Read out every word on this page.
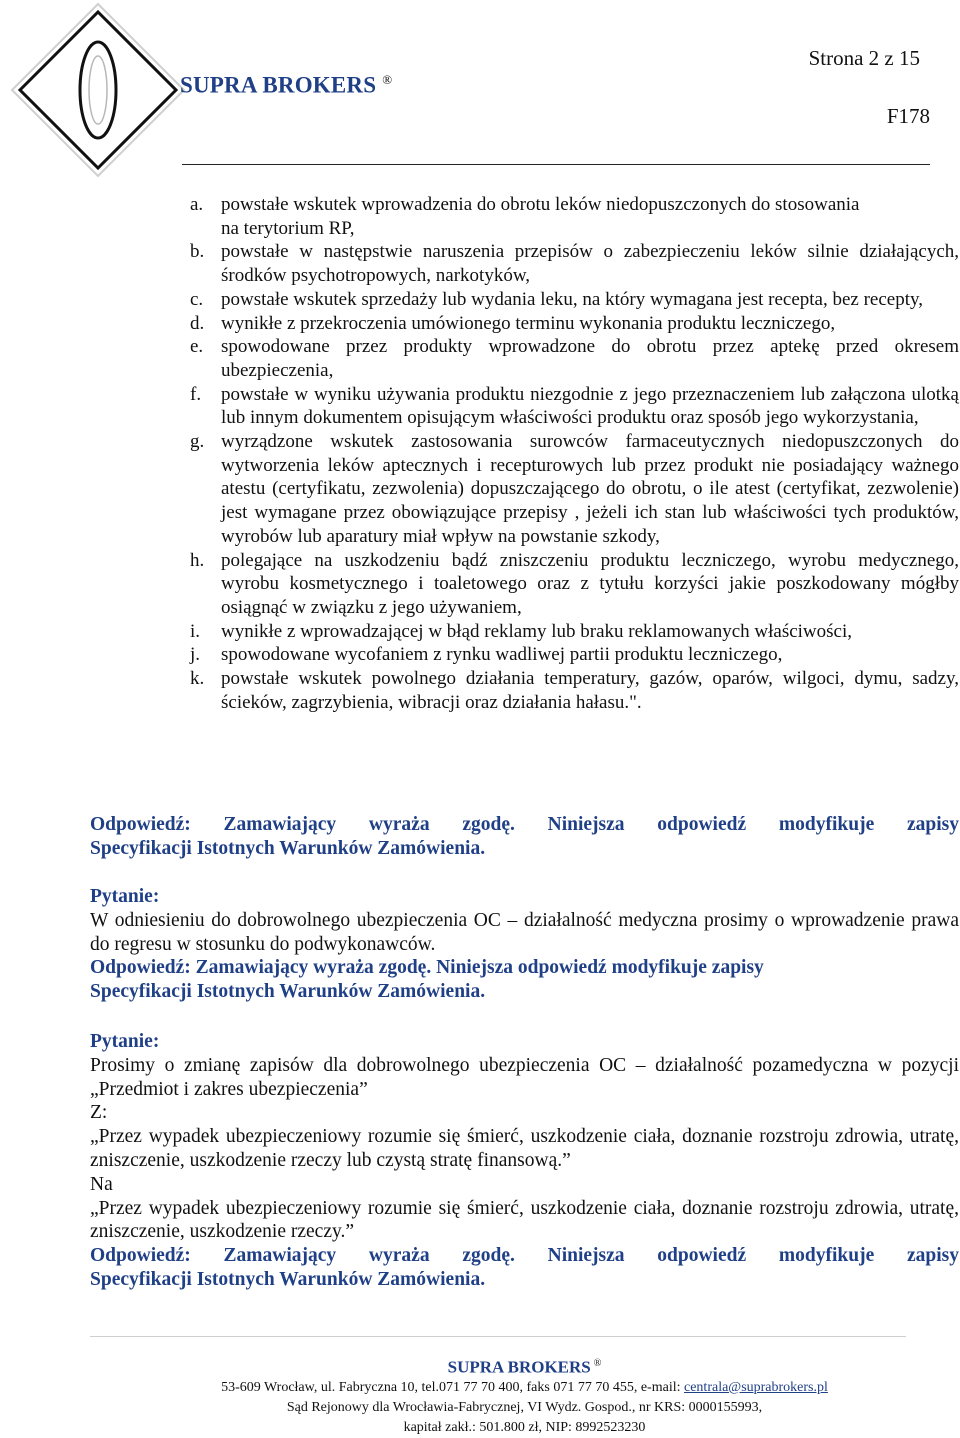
SUPRA BROKERS ®
Strona 2 z 15
F178
a. powstałe wskutek wprowadzenia do obrotu leków niedopuszczonych do stosowania
na terytorium RP,
b. powstałe w następstwie naruszenia przepisów o zabezpieczeniu leków silnie działających, środków psychotropowych, narkotyków,
c. powstałe wskutek sprzedaży lub wydania leku, na który wymagana jest recepta, bez recepty,
d. wynikłe z przekroczenia umówionego terminu wykonania produktu leczniczego,
e. spowodowane przez produkty wprowadzone do obrotu przez aptekę przed okresem ubezpieczenia,
f. powstałe w wyniku używania produktu niezgodnie z jego przeznaczeniem lub załączona ulotką lub innym dokumentem opisującym właściwości produktu oraz sposób jego wykorzystania,
g. wyrządzone wskutek zastosowania surowców farmaceutycznych niedopuszczonych do wytworzenia leków aptecznych i recepturowych lub przez produkt nie posiadający ważnego atestu (certyfikatu, zezwolenia) dopuszczającego do obrotu, o ile atest (certyfikat, zezwolenie) jest wymagane przez obowiązujące przepisy , jeżeli ich stan lub właściwości tych produktów, wyrobów lub aparatury miał wpływ na powstanie szkody,
h. polegające na uszkodzeniu bądź zniszczeniu produktu leczniczego, wyrobu medycznego, wyrobu kosmetycznego i toaletowego oraz z tytułu korzyści jakie poszkodowany mógłby osiągnąć w związku z jego używaniem,
i. wynikłe z wprowadzającej w błąd reklamy lub braku reklamowanych właściwości,
j. spowodowane wycofaniem z rynku wadliwej partii produktu leczniczego,
k. powstałe wskutek powolnego działania temperatury, gazów, oparów, wilgoci, dymu, sadzy, ścieków, zagrzybienia, wibracji oraz działania hałasu.".
Odpowiedź: Zamawiający wyraża zgodę. Niniejsza odpowiedź modyfikuje zapisy
Specyfikacji Istotnych Warunków Zamówienia.
Pytanie:
W odniesieniu do dobrowolnego ubezpieczenia OC – działalność medyczna prosimy o wprowadzenie prawa do regresu w stosunku do podwykonawców.
Odpowiedź: Zamawiający wyraża zgodę. Niniejsza odpowiedź modyfikuje zapisy
Specyfikacji Istotnych Warunków Zamówienia.
Pytanie:
Prosimy o zmianę zapisów dla dobrowolnego ubezpieczenia OC – działalność pozamedyczna w pozycji „Przedmiot i zakres ubezpieczenia”
Z:
„Przez wypadek ubezpieczeniowy rozumie się śmierć, uszkodzenie ciała, doznanie rozstroju zdrowia, utratę, zniszczenie, uszkodzenie rzeczy lub czystą stratę finansową.”
Na
„Przez wypadek ubezpieczeniowy rozumie się śmierć, uszkodzenie ciała, doznanie rozstroju zdrowia, utratę, zniszczenie, uszkodzenie rzeczy.”
Odpowiedź: Zamawiający wyraża zgodę. Niniejsza odpowiedź modyfikuje zapisy
Specyfikacji Istotnych Warunków Zamówienia.
SUPRA BROKERS ®
53-609 Wrocław, ul. Fabryczna 10, tel.071 77 70 400, faks 071 77 70 455, e-mail: centrala@suprabrokers.pl
Sąd Rejonowy dla Wrocławia-Fabrycznej, VI Wydz. Gospod., nr KRS: 0000155993,
kapitał zakł.: 501.800 zł, NIP: 8992523230
